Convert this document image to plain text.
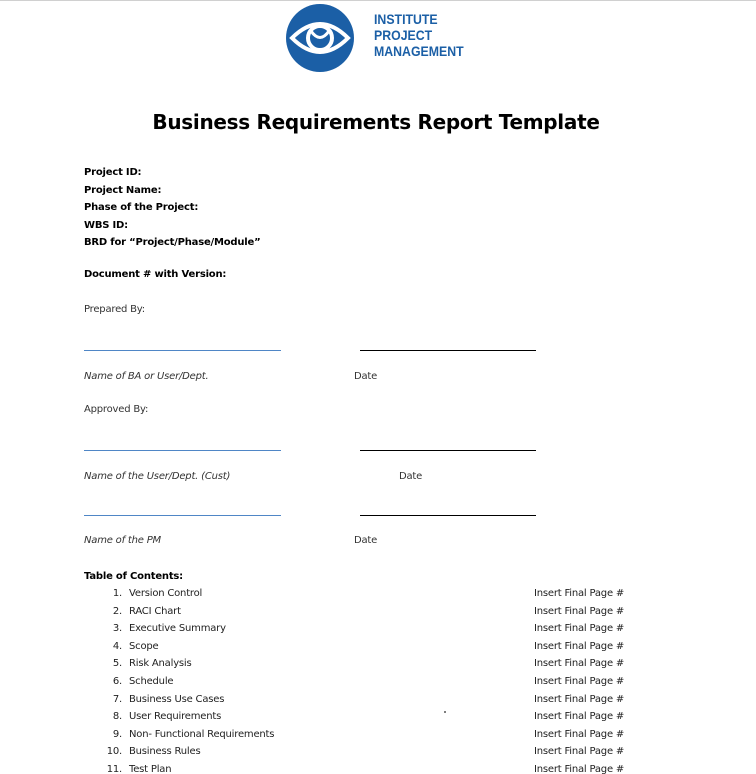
INSTITUTE
PROJECT
MANAGEMENT
Business Requirements Report Template
Project ID:
Project Name:
Phase of the Project:
WBS ID:
BRD for “Project/Phase/Module”
Document # with Version:
Prepared By:
Name of BA or User/Dept.	Date
Approved By:
Name of the User/Dept. (Cust)	Date
Name of the PM	Date
Table of Contents:
1. Version Control	Insert Final Page #
2. RACI Chart	Insert Final Page #
3. Executive Summary	Insert Final Page #
4. Scope	Insert Final Page #
5. Risk Analysis	Insert Final Page #
6. Schedule	Insert Final Page #
7. Business Use Cases	Insert Final Page #
8. User Requirements	Insert Final Page #
9. Non- Functional Requirements	Insert Final Page #
10. Business Rules	Insert Final Page #
11. Test Plan	Insert Final Page #
